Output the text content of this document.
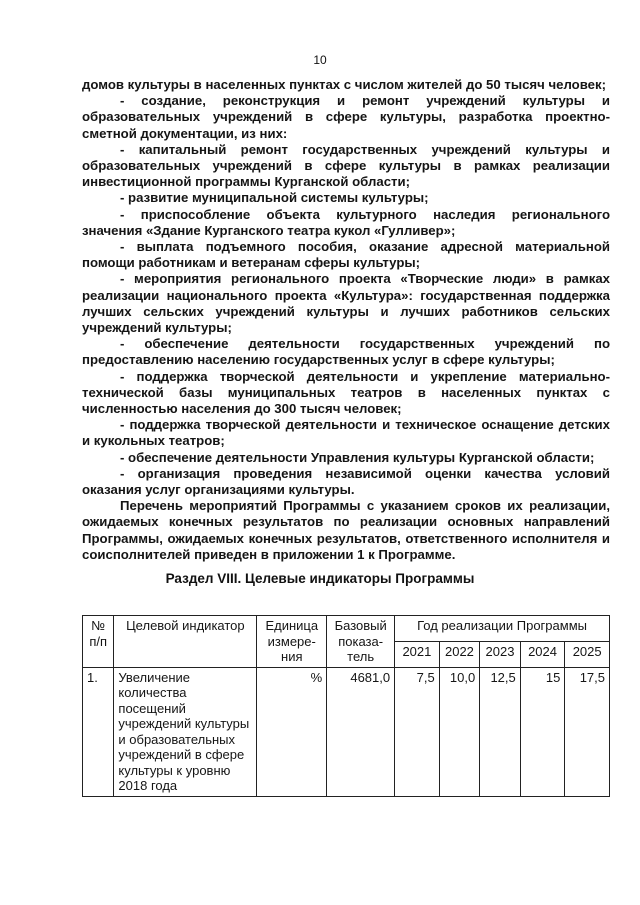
10

домов культуры в населенных пунктах с числом жителей до 50 тысяч человек;

- создание, реконструкция и ремонт учреждений культуры и образовательных учреждений в сфере культуры, разработка проектно-сметной документации, из них:

- капитальный ремонт государственных учреждений культуры и образовательных учреждений в сфере культуры в рамках реализации инвестиционной программы Курганской области;

- развитие муниципальной системы культуры;

- приспособление объекта культурного наследия регионального значения «Здание Курганского театра кукол «Гулливер»;

- выплата подъемного пособия, оказание адресной материальной помощи работникам и ветеранам сферы культуры;

- мероприятия регионального проекта «Творческие люди» в рамках реализации национального проекта «Культура»: государственная поддержка лучших сельских учреждений культуры и лучших работников сельских учреждений культуры;

- обеспечение деятельности государственных учреждений по предоставлению населению государственных услуг в сфере культуры;

- поддержка творческой деятельности и укрепление материально-технической базы муниципальных театров в населенных пунктах с численностью населения до 300 тысяч человек;

- поддержка творческой деятельности и техническое оснащение детских и кукольных театров;

- обеспечение деятельности Управления культуры Курганской области;

- организация проведения независимой оценки качества условий оказания услуг организациями культуры.

Перечень мероприятий Программы с указанием сроков их реализации, ожидаемых конечных результатов по реализации основных направлений Программы, ожидаемых конечных результатов, ответственного исполнителя и соисполнителей приведен в приложении 1 к Программе.

Раздел VIII. Целевые индикаторы Программы
№ п/п	Целевой индикатор	Единица измере-ния	Базовый показа-тель	Год реализации Программы				
				2021	2022	2023	2024	2025
1.	Увеличение количества посещений учреждений культуры и образовательных учреждений в сфере культуры к уровню 2018 года	%	4681,0	7,5	10,0	12,5	15	17,5
